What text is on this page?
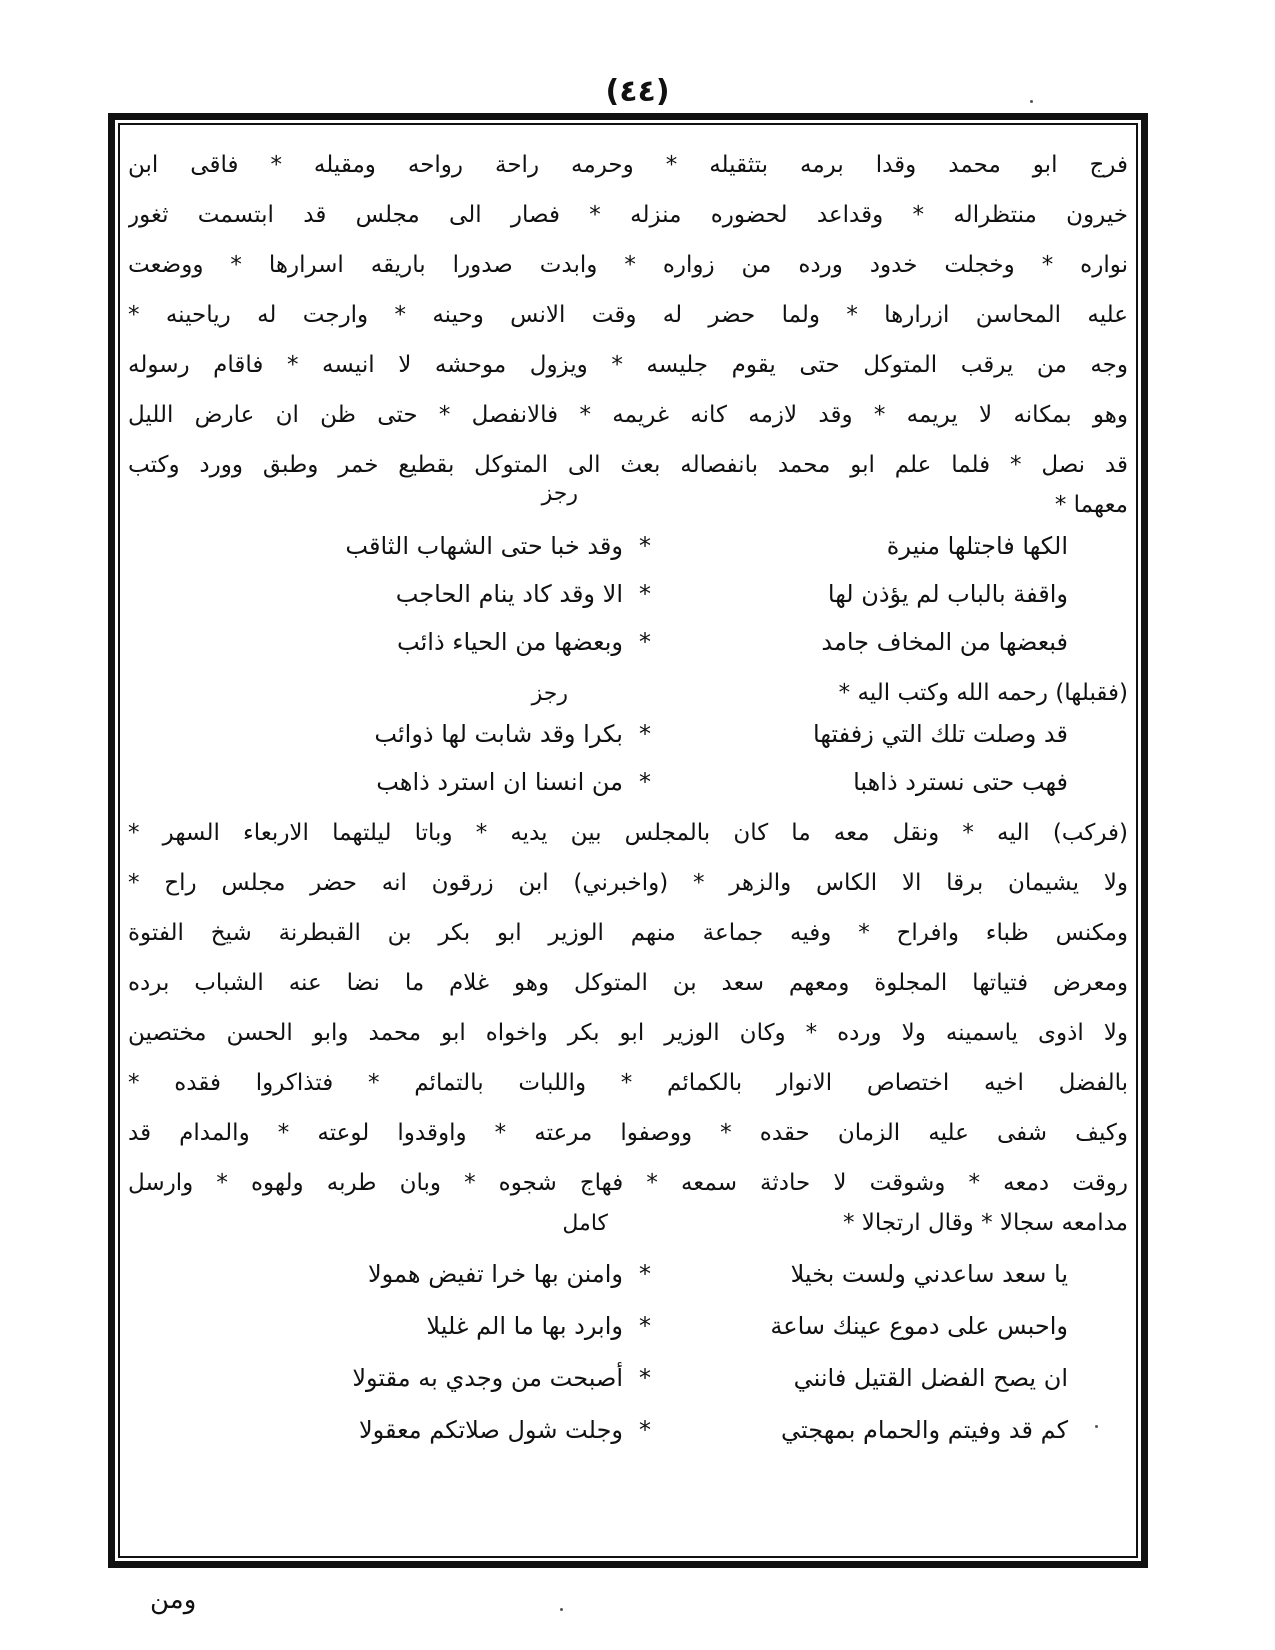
(٤٤)
فرج ابو محمد وقدا برمه بتثقيله * وحرمه راحة رواحه ومقيله * فاقى ابن
خيرون منتظراله * وقداعد لحضوره منزله * فصار الى مجلس قد ابتسمت ثغور
نواره * وخجلت خدود ورده من زواره * وابدت صدورا باريقه اسرارها * ووضعت
عليه المحاسن ازرارها * ولما حضر له وقت الانس وحينه * وارجت له رياحينه *
وجه من يرقب المتوكل حتى يقوم جليسه * ويزول موحشه لا انيسه * فاقام رسوله
وهو بمكانه لا يريمه * وقد لازمه كانه غريمه * فالانفصل * حتى ظن ان عارض الليل
قد نصل * فلما علم ابو محمد بانفصاله بعث الى المتوكل بقطيع خمر وطبق وورد وكتب
معهما *
رجز
الكها فاجتلها منيرة
*
وقد خبا حتى الشهاب الثاقب
واقفة بالباب لم يؤذن لها
*
الا وقد كاد ينام الحاجب
فبعضها من المخاف جامد
*
وبعضها من الحياء ذائب
(فقبلها) رحمه الله وكتب اليه *
رجز
قد وصلت تلك التي زففتها
*
بكرا وقد شابت لها ذوائب
فهب حتى نسترد ذاهبا
*
من انسنا ان استرد ذاهب
(فركب) اليه * ونقل معه ما كان بالمجلس بين يديه * وباتا ليلتهما الاربعاء السهر *
ولا يشيمان برقا الا الكاس والزهر * (واخبرني) ابن زرقون انه حضر مجلس راح *
ومكنس ظباء وافراح * وفيه جماعة منهم الوزير ابو بكر بن القبطرنة شيخ الفتوة
ومعرض فتياتها المجلوة ومعهم سعد بن المتوكل وهو غلام ما نضا عنه الشباب برده
ولا اذوى ياسمينه ولا ورده * وكان الوزير ابو بكر واخواه ابو محمد وابو الحسن مختصين
بالفضل اخيه اختصاص الانوار بالكمائم * واللبات بالتمائم * فتذاكروا فقده *
وكيف شفى عليه الزمان حقده * ووصفوا مرعته * واوقدوا لوعته * والمدام قد
روقت دمعه * وشوقت لا حادثة سمعه * فهاج شجوه * وبان طربه ولهوه * وارسل
مدامعه سجالا * وقال ارتجالا *
كامل
يا سعد ساعدني ولست بخيلا
*
وامنن بها خرا تفيض همولا
واحبس على دموع عينك ساعة
*
وابرد بها ما الم غليلا
ان يصح الفضل القتيل فانني
*
أصبحت من وجدي به مقتولا
كم قد وفيتم والحمام بمهجتي
*
وجلت شول صلاتكم معقولا
ومن
